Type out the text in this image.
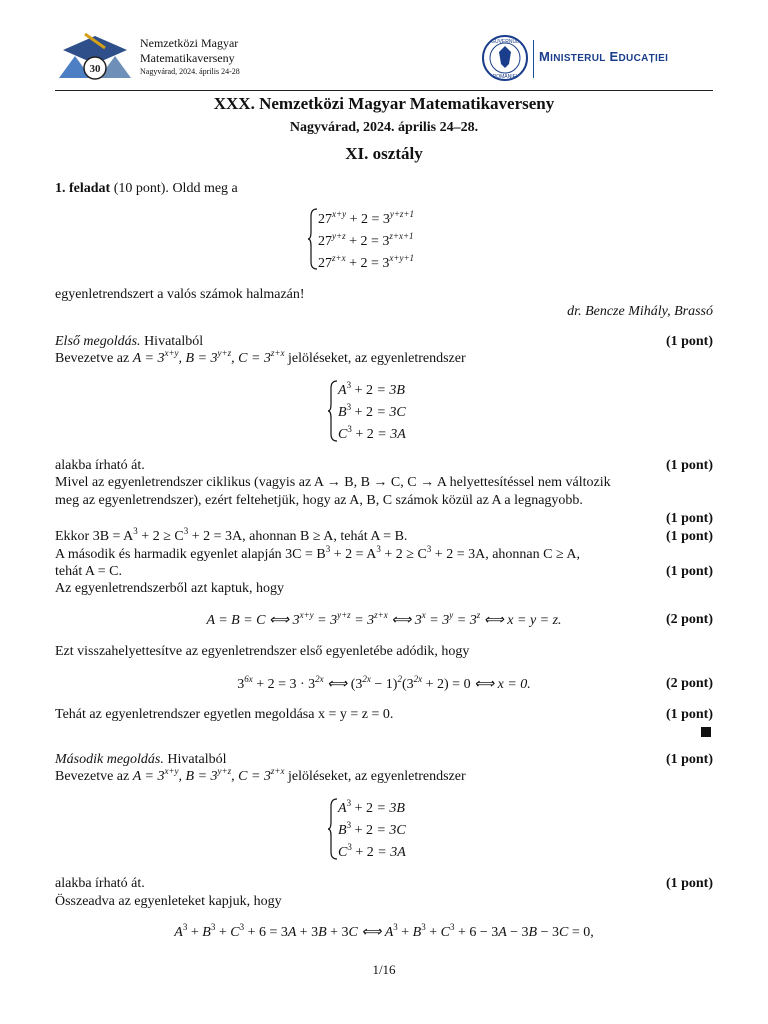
30
Nemzetközi Magyar
Matematikaverseny
Nagyvárad, 2024. április 24-28
GUVERNUL
ROMÂNIEI
MINISTERUL EDUCAȚIEI
XXX. Nemzetközi Magyar Matematikaverseny
Nagyvárad, 2024. április 24–28.
XI. osztály
1. feladat (10 pont). Oldd meg a
$27^{x+y} + 2 = 3^{y+z+1}$
$27^{y+z} + 2 = 3^{z+x+1}$
$27^{z+x} + 2 = 3^{x+y+1}$
egyenletrendszert a valós számok halmazán!
dr. Bencze Mihály, Brassó
Első megoldás. Hivatalból	(1 pont)
Bevezetve az $A = 3^{x+y}$, $B = 3^{y+z}$, $C = 3^{z+x}$ jelöléseket, az egyenletrendszer
$A^3 + 2 = 3B$
$B^3 + 2 = 3C$
$C^3 + 2 = 3A$
alakba írható át.	(1 pont)
Mivel az egyenletrendszer ciklikus (vagyis az A → B, B → C, C → A helyettesítéssel nem változik
meg az egyenletrendszer), ezért feltehetjük, hogy az A, B, C számok közül az A a legnagyobb.
(1 pont)
Ekkor $3B = A^3 + 2 \ge C^3 + 2 = 3A$, ahonnan B ≥ A, tehát A = B.	(1 pont)
A második és harmadik egyenlet alapján $3C = B^3 + 2 = A^3 + 2 \ge C^3 + 2 = 3A$, ahonnan C ≥ A,
tehát A = C.	(1 pont)
Az egyenletrendszerből azt kaptuk, hogy
A = B = C ⟺ $3^{x+y} = 3^{y+z} = 3^{z+x}$ ⟺ $3^x = 3^y = 3^z$ ⟺ x = y = z.	(2 pont)
Ezt visszahelyettesítve az egyenletrendszer első egyenletébe adódik, hogy
$3^{6x} + 2 = 3 \cdot 3^{2x}$ ⟺ $(3^{2x} - 1)^2(3^{2x} + 2) = 0$ ⟺ x = 0.	(2 pont)
Tehát az egyenletrendszer egyetlen megoldása x = y = z = 0.	(1 pont)
Második megoldás. Hivatalból	(1 pont)
Bevezetve az $A = 3^{x+y}$, $B = 3^{y+z}$, $C = 3^{z+x}$ jelöléseket, az egyenletrendszer
$A^3 + 2 = 3B$
$B^3 + 2 = 3C$
$C^3 + 2 = 3A$
alakba írható át.	(1 pont)
Összeadva az egyenleteket kapjuk, hogy
$A^3 + B^3 + C^3 + 6 = 3A + 3B + 3C$ ⟺ $A^3 + B^3 + C^3 + 6 - 3A - 3B - 3C = 0$,
1/16
